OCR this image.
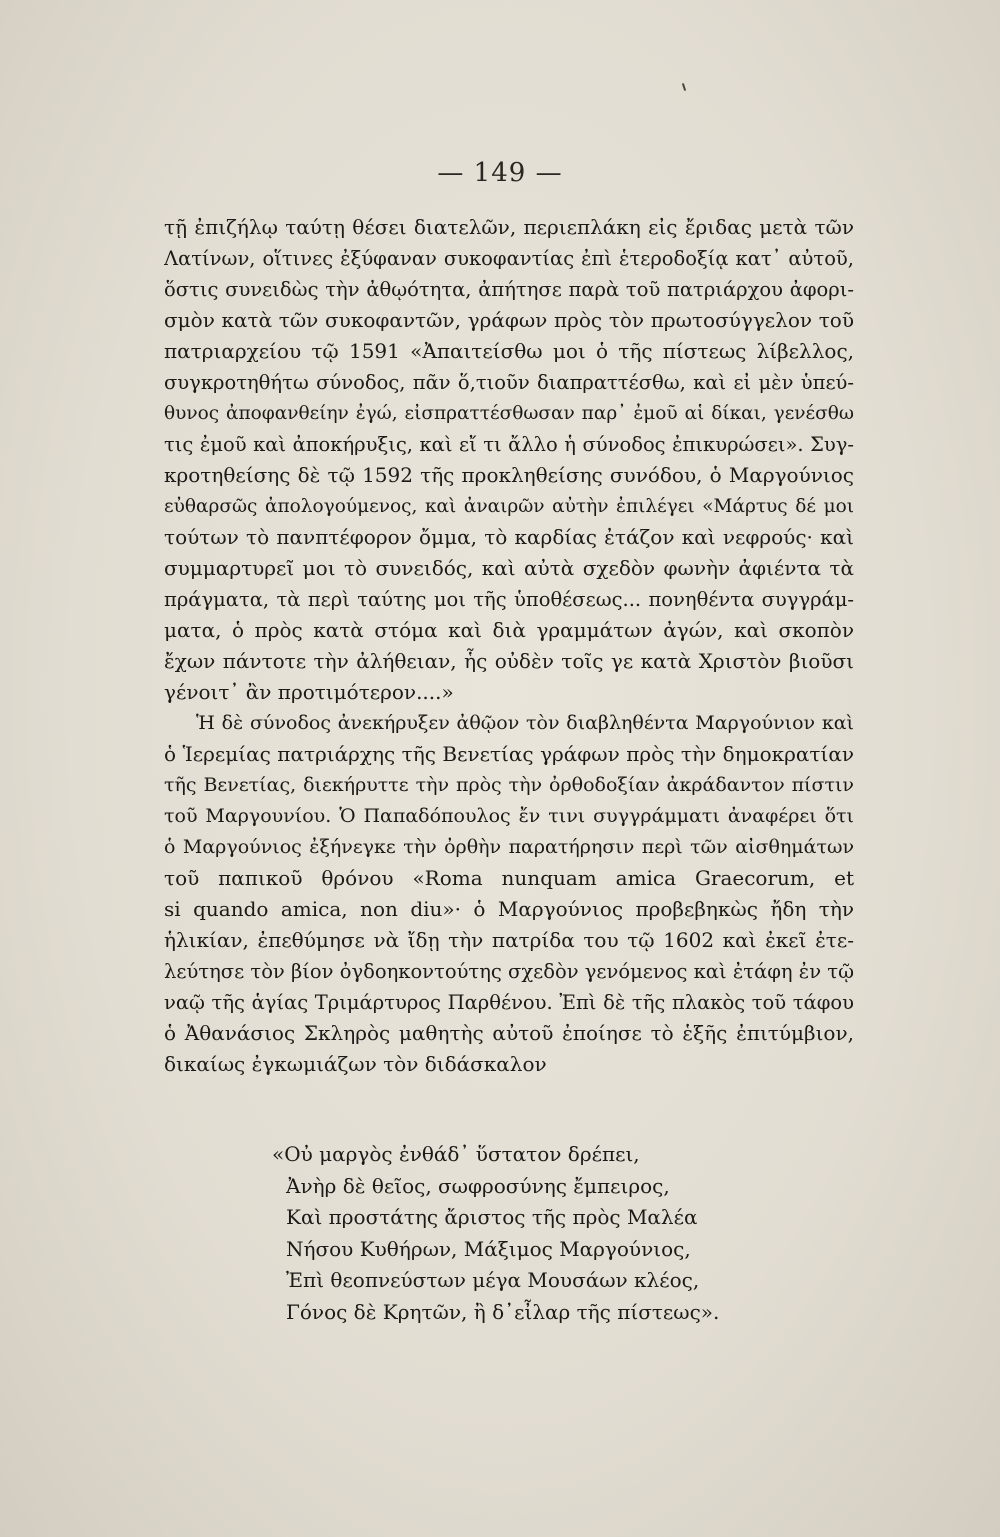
— 149 —
τῇ ἐπιζήλῳ ταύτῃ θέσει διατελῶν, περιεπλάκη εἰς ἔριδας μετὰ τῶν
Λατίνων, οἵτινες ἐξύφαναν συκοφαντίας ἐπὶ ἑτεροδοξίᾳ κατ᾽ αὐτοῦ,
ὅστις συνειδὼς τὴν ἀθῳότητα, ἀπήτησε παρὰ τοῦ πατριάρχου ἀφορι-
σμὸν κατὰ τῶν συκοφαντῶν, γράφων πρὸς τὸν πρωτοσύγγελον τοῦ
πατριαρχείου τῷ 1591 «Ἀπαιτείσθω μοι ὁ τῆς πίστεως λίβελλος,
συγκροτηθήτω σύνοδος, πᾶν ὅ,τιοῦν διαπραττέσθω, καὶ εἰ μὲν ὑπεύ-
θυνος ἀποφανθείην ἐγώ, εἰσπραττέσθωσαν παρ᾽ ἐμοῦ αἱ δίκαι, γενέσθω
τις ἐμοῦ καὶ ἀποκήρυξις, καὶ εἴ τι ἄλλο ἡ σύνοδος ἐπικυρώσει». Συγ-
κροτηθείσης δὲ τῷ 1592 τῆς προκληθείσης συνόδου, ὁ Μαργούνιος
εὐθαρσῶς ἀπολογούμενος, καὶ ἀναιρῶν αὐτὴν ἐπιλέγει «Μάρτυς δέ μοι
τούτων τὸ πανπτέφορον ὄμμα, τὸ καρδίας ἐτάζον καὶ νεφρούς· καὶ
συμμαρτυρεῖ μοι τὸ συνειδός, καὶ αὐτὰ σχεδὸν φωνὴν ἀφιέντα τὰ
πράγματα, τὰ περὶ ταύτης μοι τῆς ὑποθέσεως... πονηθέντα συγγράμ-
ματα, ὁ πρὸς κατὰ στόμα καὶ διὰ γραμμάτων ἀγών, καὶ σκοπὸν
ἔχων πάντοτε τὴν ἀλήθειαν, ἧς οὐδὲν τοῖς γε κατὰ Χριστὸν βιοῦσι
γένοιτ᾽ ἂν προτιμότερον....»
Ἡ δὲ σύνοδος ἀνεκήρυξεν ἀθῷον τὸν διαβληθέντα Μαργούνιον καὶ
ὁ Ἱερεμίας πατριάρχης τῆς Βενετίας γράφων πρὸς τὴν δημοκρατίαν
τῆς Βενετίας, διεκήρυττε τὴν πρὸς τὴν ὀρθοδοξίαν ἀκράδαντον πίστιν
τοῦ Μαργουνίου. Ὁ Παπαδόπουλος ἔν τινι συγγράμματι ἀναφέρει ὅτι
ὁ Μαργούνιος ἐξήνεγκε τὴν ὀρθὴν παρατήρησιν περὶ τῶν αἰσθημάτων
τοῦ παπικοῦ θρόνου «Roma nunquam amica Graecorum, et
si quando amica, non diu»· ὁ Μαργούνιος προβεβηκὼς ἤδη τὴν
ἡλικίαν, ἐπεθύμησε νὰ ἴδῃ τὴν πατρίδα του τῷ 1602 καὶ ἐκεῖ ἐτε-
λεύτησε τὸν βίον ὀγδοηκοντούτης σχεδὸν γενόμενος καὶ ἐτάφη ἐν τῷ
ναῷ τῆς ἁγίας Τριμάρτυρος Παρθένου. Ἐπὶ δὲ τῆς πλακὸς τοῦ τάφου
ὁ Ἀθανάσιος Σκληρὸς μαθητὴς αὐτοῦ ἐποίησε τὸ ἑξῆς ἐπιτύμβιον,
δικαίως ἐγκωμιάζων τὸν διδάσκαλον
«Οὐ μαργὸς ἐνθάδ᾽ ὕστατον δρέπει,
Ἀνὴρ δὲ θεῖος, σωφροσύνης ἔμπειρος,
Καὶ προστάτης ἄριστος τῆς πρὸς Μαλέα
Νήσου Κυθήρων, Μάξιμος Μαργούνιος,
Ἐπὶ θεοπνεύστων μέγα Μουσάων κλέος,
Γόνος δὲ Κρητῶν, ἢ δ᾽εἶλαρ τῆς πίστεως».
